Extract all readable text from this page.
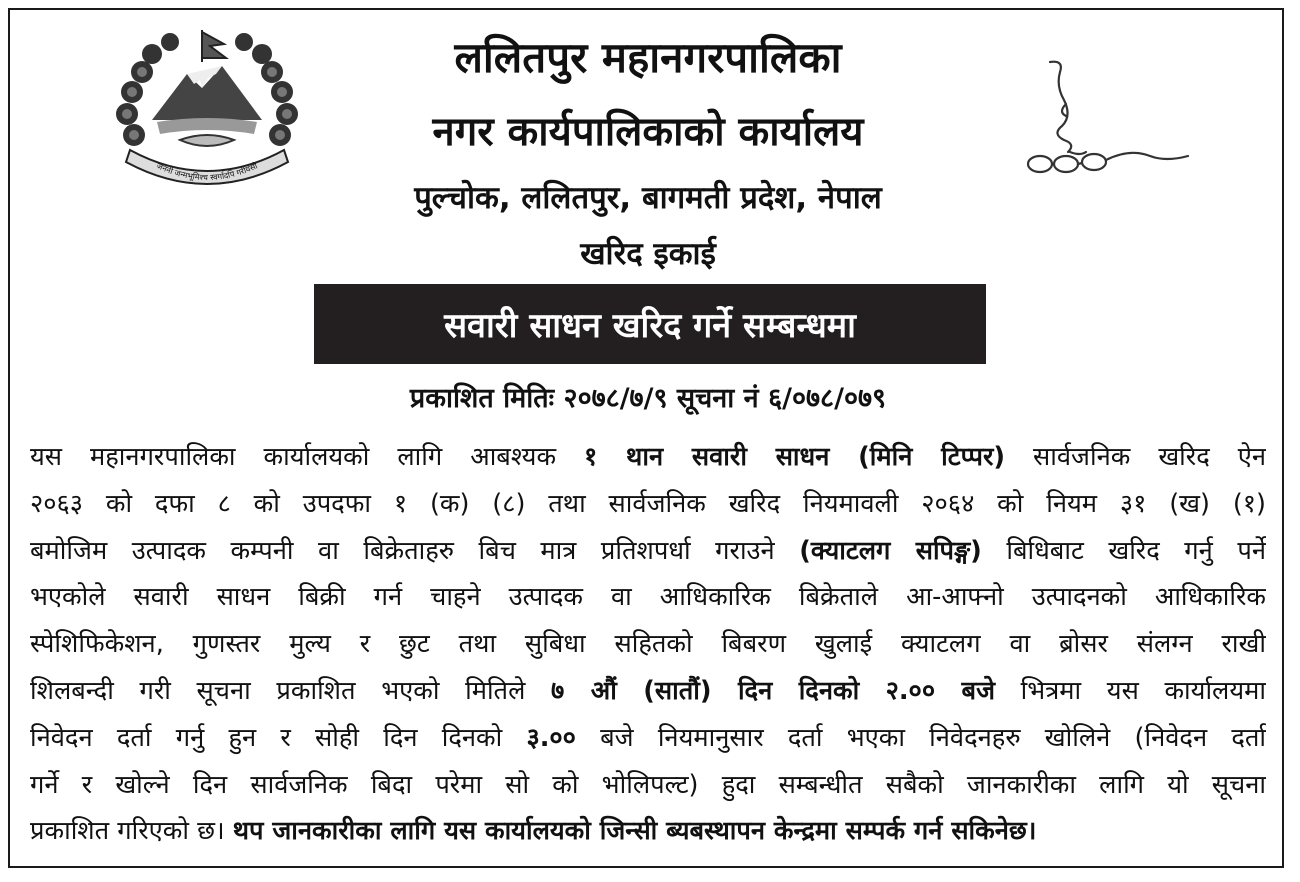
जननी जन्मभूमिश्च स्वर्गादपि गरीयसी
ललितपुर महानगरपालिका
नगर कार्यपालिकाको कार्यालय
पुल्चोक, ललितपुर, बागमती प्रदेश, नेपाल
खरिद इकाई
सवारी साधन खरिद गर्ने सम्बन्धमा
प्रकाशित मितिः २०७८/७/९ सूचना नं ६/०७८/०७९
यस महानगरपालिका कार्यालयको लागि आबश्यक १ थान सवारी साधन (मिनि टिप्पर) सार्वजनिक खरिद ऐन
२०६३ को दफा ८ को उपदफा १ (क) (८) तथा सार्वजनिक खरिद नियमावली २०६४ को नियम ३१ (ख) (१)
बमोजिम उत्पादक कम्पनी वा बिक्रेताहरु बिच मात्र प्रतिशपर्धा गराउने (क्याटलग सपिङ्ग) बिधिबाट खरिद गर्नु पर्ने
भएकोले सवारी साधन बिक्री गर्न चाहने उत्पादक वा आधिकारिक बिक्रेताले आ-आफ्नो उत्पादनको आधिकारिक
स्पेशिफिकेशन, गुणस्तर मुल्य र छुट तथा सुबिधा सहितको बिबरण खुलाई क्याटलग वा ब्रोसर संलग्न राखी
शिलबन्दी गरी सूचना प्रकाशित भएको मितिले ७ औं (सातौं) दिन दिनको २.०० बजे भित्रमा यस कार्यालयमा
निवेदन दर्ता गर्नु हुन र सोही दिन दिनको ३.०० बजे नियमानुसार दर्ता भएका निवेदनहरु खोलिने (निवेदन दर्ता
गर्ने र खोल्ने दिन सार्वजनिक बिदा परेमा सो को भोलिपल्ट) हुदा सम्बन्धीत सबैको जानकारीका लागि यो सूचना
प्रकाशित गरिएको छ। थप जानकारीका लागि यस कार्यालयको जिन्सी ब्यबस्थापन केन्द्रमा सम्पर्क गर्न सकिनेछ।
